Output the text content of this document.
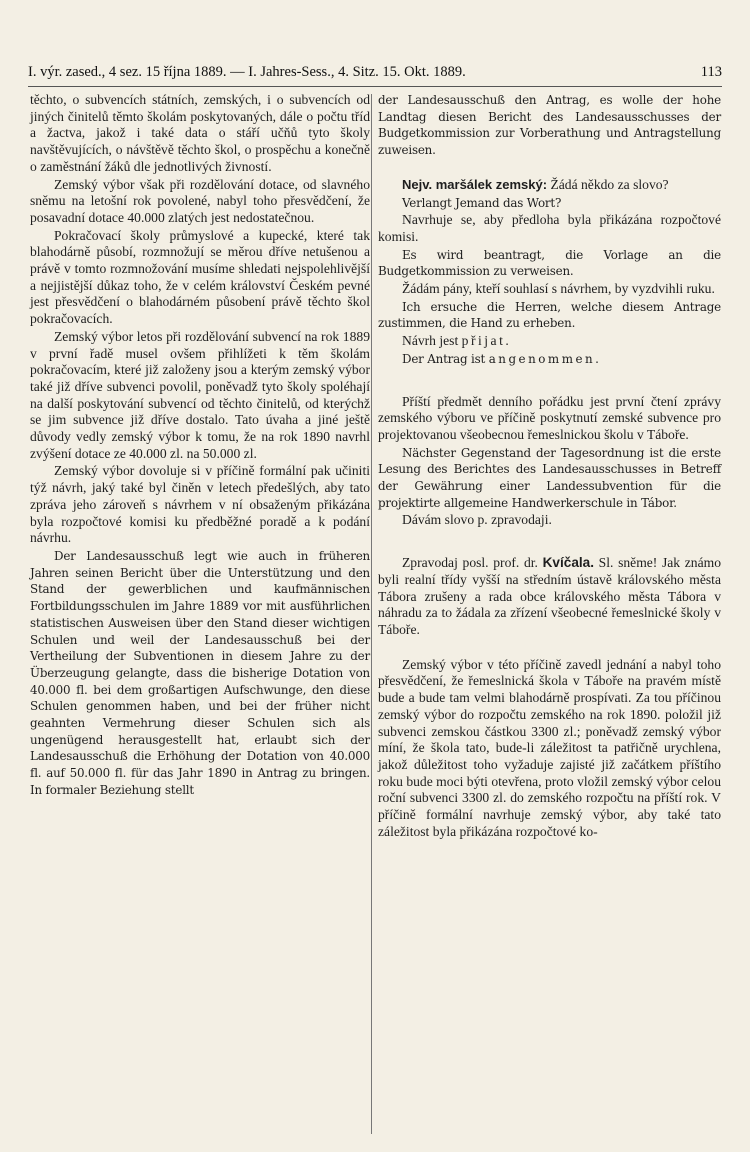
I. výr. zased., 4 sez. 15 října 1889. — I. Jahres-Sess., 4. Sitz. 15. Okt. 1889.	113

těchto, o subvencích státních, zemských, i o subvencích od jiných činitelů těmto školám poskytovaných, dále o počtu tříd a žactva, jakož i také data o stáří učňů tyto školy navštěvujících, o návštěvě těchto škol, o prospěchu a konečně o zaměstnání žáků dle jednotlivých živností.

Zemský výbor však při rozdělování dotace, od slavného sněmu na letošní rok povolené, nabyl toho přesvědčení, že posavadní dotace 40.000 zlatých jest nedostatečnou.

Pokračovací školy průmyslové a kupecké, které tak blahodárně působí, rozmnožují se měrou dříve netušenou a právě v tomto rozmnožování musíme shledati nejspolehlivější a nejjistější důkaz toho, že v celém království Českém pevné jest přesvědčení o blahodárném působení právě těchto škol pokračovacích.

Zemský výbor letos při rozdělování subvencí na rok 1889 v první řadě musel ovšem přihlížeti k těm školám pokračovacím, které již založeny jsou a kterým zemský výbor také již dříve subvenci povolil, poněvadž tyto školy spoléhají na další poskytování subvencí od těchto činitelů, od kterýchž se jim subvence již dříve dostalo. Tato úvaha a jiné ještě důvody vedly zemský výbor k tomu, že na rok 1890 navrhl zvýšení dotace ze 40.000 zl. na 50.000 zl.

Zemský výbor dovoluje si v příčině formální pak učiniti týž návrh, jaký také byl činěn v letech předešlých, aby tato zpráva jeho zároveň s návrhem v ní obsaženým přikázána byla rozpočtové komisi ku předběžné poradě a k podání návrhu.

Der Landesausschuß legt wie auch in früheren Jahren seinen Bericht über die Unterstützung und den Stand der gewerblichen und kaufmännischen Fortbildungsschulen im Jahre 1889 vor mit ausführlichen statistischen Ausweisen über den Stand dieser wichtigen Schulen und weil der Landesausschuß bei der Vertheilung der Subventionen in diesem Jahre zu der Überzeugung gelangte, dass die bisherige Dotation von 40.000 fl. bei dem großartigen Aufschwunge, den diese Schulen genommen haben, und bei der früher nicht geahnten Vermehrung dieser Schulen sich als ungenügend herausgestellt hat, erlaubt sich der Landesausschuß die Erhöhung der Dotation von 40.000 fl. auf 50.000 fl. für das Jahr 1890 in Antrag zu bringen. In formaler Beziehung stellt

der Landesausschuß den Antrag, es wolle der hohe Landtag diesen Bericht des Landesausschusses der Budgetkommission zur Vorberathung und Antragstellung zuweisen.

Nejv. maršálek zemský: Žádá někdo za slovo?

Verlangt Jemand das Wort?

Navrhuje se, aby předloha byla přikázána rozpočtové komisi.

Es wird beantragt, die Vorlage an die Budgetkommission zu verweisen.

Žádám pány, kteří souhlasí s návrhem, by vyzdvihli ruku.

Ich ersuche die Herren, welche diesem Antrage zustimmen, die Hand zu erheben.

Návrh jest přijat.

Der Antrag ist angenommen.

Příští předmět denního pořádku jest první čtení zprávy zemského výboru ve příčině poskytnutí zemské subvence pro projektovanou všeobecnou řemeslnickou školu v Táboře.

Nächster Gegenstand der Tagesordnung ist die erste Lesung des Berichtes des Landesausschusses in Betreff der Gewährung einer Landessubvention für die projektirte allgemeine Handwerkerschule in Tábor.

Dávám slovo p. zpravodaji.

Zpravodaj posl. prof. dr. Kvíčala. Sl. sněme! Jak známo byli realní třídy vyšší na středním ústavě královského města Tábora zrušeny a rada obce královského města Tábora v náhradu za to žádala za zřízení všeobecné řemeslnické školy v Táboře.

Zemský výbor v této příčině zavedl jednání a nabyl toho přesvědčení, že řemeslnická škola v Táboře na pravém místě bude a bude tam velmi blahodárně prospívati. Za tou příčinou zemský výbor do rozpočtu zemského na rok 1890. položil již subvenci zemskou částkou 3300 zl.; poněvadž zemský výbor míní, že škola tato, bude-li záležitost ta patřičně urychlena, jakož důležitost toho vyžaduje zajisté již začátkem příštího roku bude moci býti otevřena, proto vložil zemský výbor celou roční subvenci 3300 zl. do zemského rozpočtu na příští rok. V příčině formální navrhuje zemský výbor, aby také tato záležitost byla přikázána rozpočtové ko-
